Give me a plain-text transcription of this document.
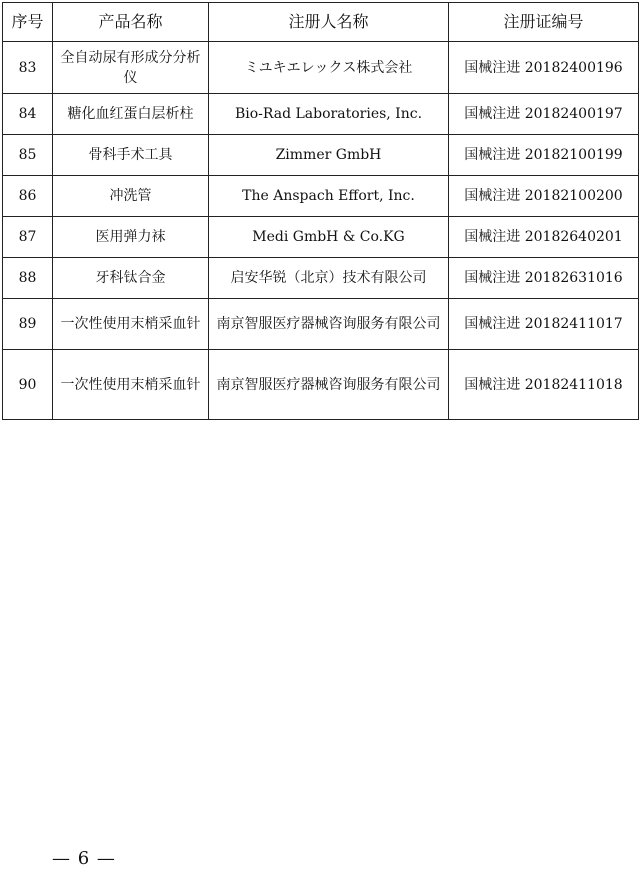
序号	产品名称	注册人名称	注册证编号
83	全自动尿有形成分分析仪	ミユキエレックス株式会社	国械注进 20182400196
84	糖化血红蛋白层析柱	Bio-Rad Laboratories, Inc.	国械注进 20182400197
85	骨科手术工具	Zimmer GmbH	国械注进 20182100199
86	冲洗管	The Anspach Effort, Inc.	国械注进 20182100200
87	医用弹力袜	Medi GmbH & Co.KG	国械注进 20182640201
88	牙科钛合金	启安华锐（北京）技术有限公司	国械注进 20182631016
89	一次性使用末梢采血针	南京智服医疗器械咨询服务有限公司	国械注进 20182411017
90	一次性使用末梢采血针	南京智服医疗器械咨询服务有限公司	国械注进 20182411018
— 6 —
